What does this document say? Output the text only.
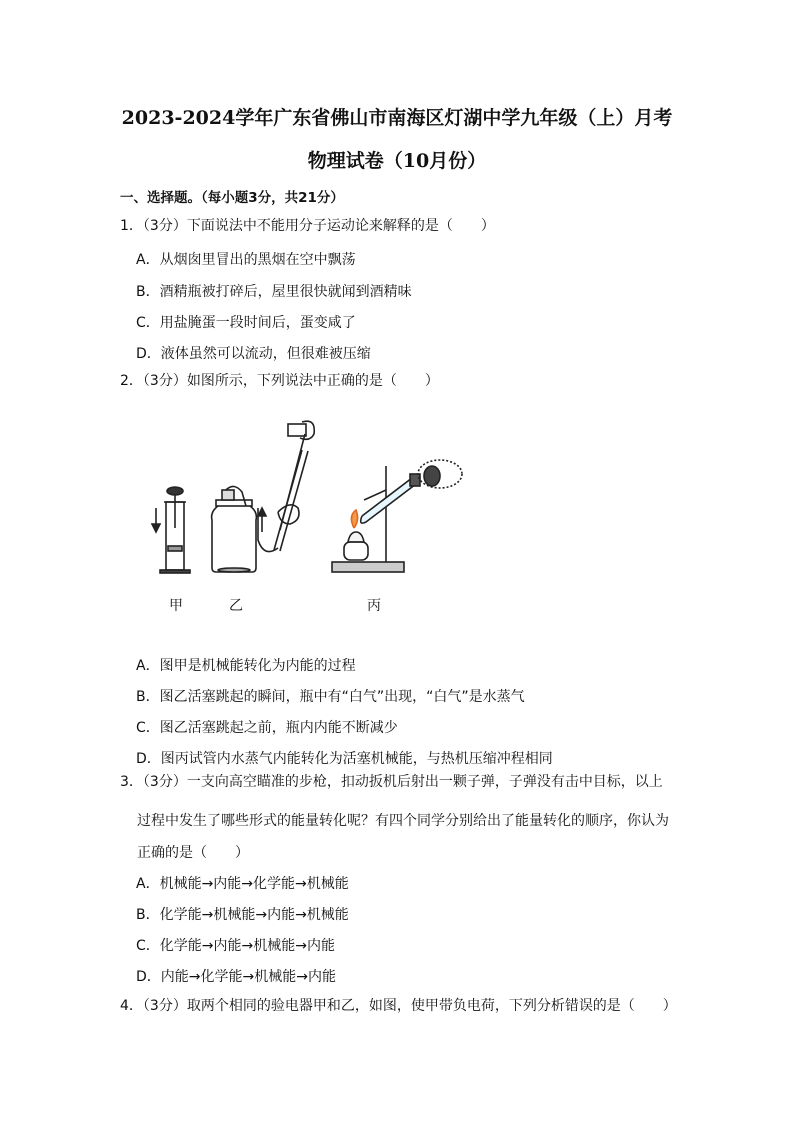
2023-2024学年广东省佛山市南海区灯湖中学九年级（上）月考
物理试卷（10月份）

一、选择题。（每小题3分，共21分）

1．（3分）下面说法中不能用分子运动论来解释的是（　　）

A．从烟囱里冒出的黑烟在空中飘荡

B．酒精瓶被打碎后，屋里很快就闻到酒精味

C．用盐腌蛋一段时间后，蛋变咸了

D．液体虽然可以流动，但很难被压缩

2．（3分）如图所示，下列说法中正确的是（　　）

甲	乙	丙

A．图甲是机械能转化为内能的过程

B．图乙活塞跳起的瞬间，瓶中有“白气”出现，“白气”是水蒸气

C．图乙活塞跳起之前，瓶内内能不断减少

D．图丙试管内水蒸气内能转化为活塞机械能，与热机压缩冲程相同

3．（3分）一支向高空瞄准的步枪，扣动扳机后射出一颗子弹，子弹没有击中目标，以上

过程中发生了哪些形式的能量转化呢？有四个同学分别给出了能量转化的顺序，你认为

正确的是（　　）

A．机械能→内能→化学能→机械能

B．化学能→机械能→内能→机械能

C．化学能→内能→机械能→内能

D．内能→化学能→机械能→内能

4．（3分）取两个相同的验电器甲和乙，如图，使甲带负电荷，下列分析错误的是（　　）
